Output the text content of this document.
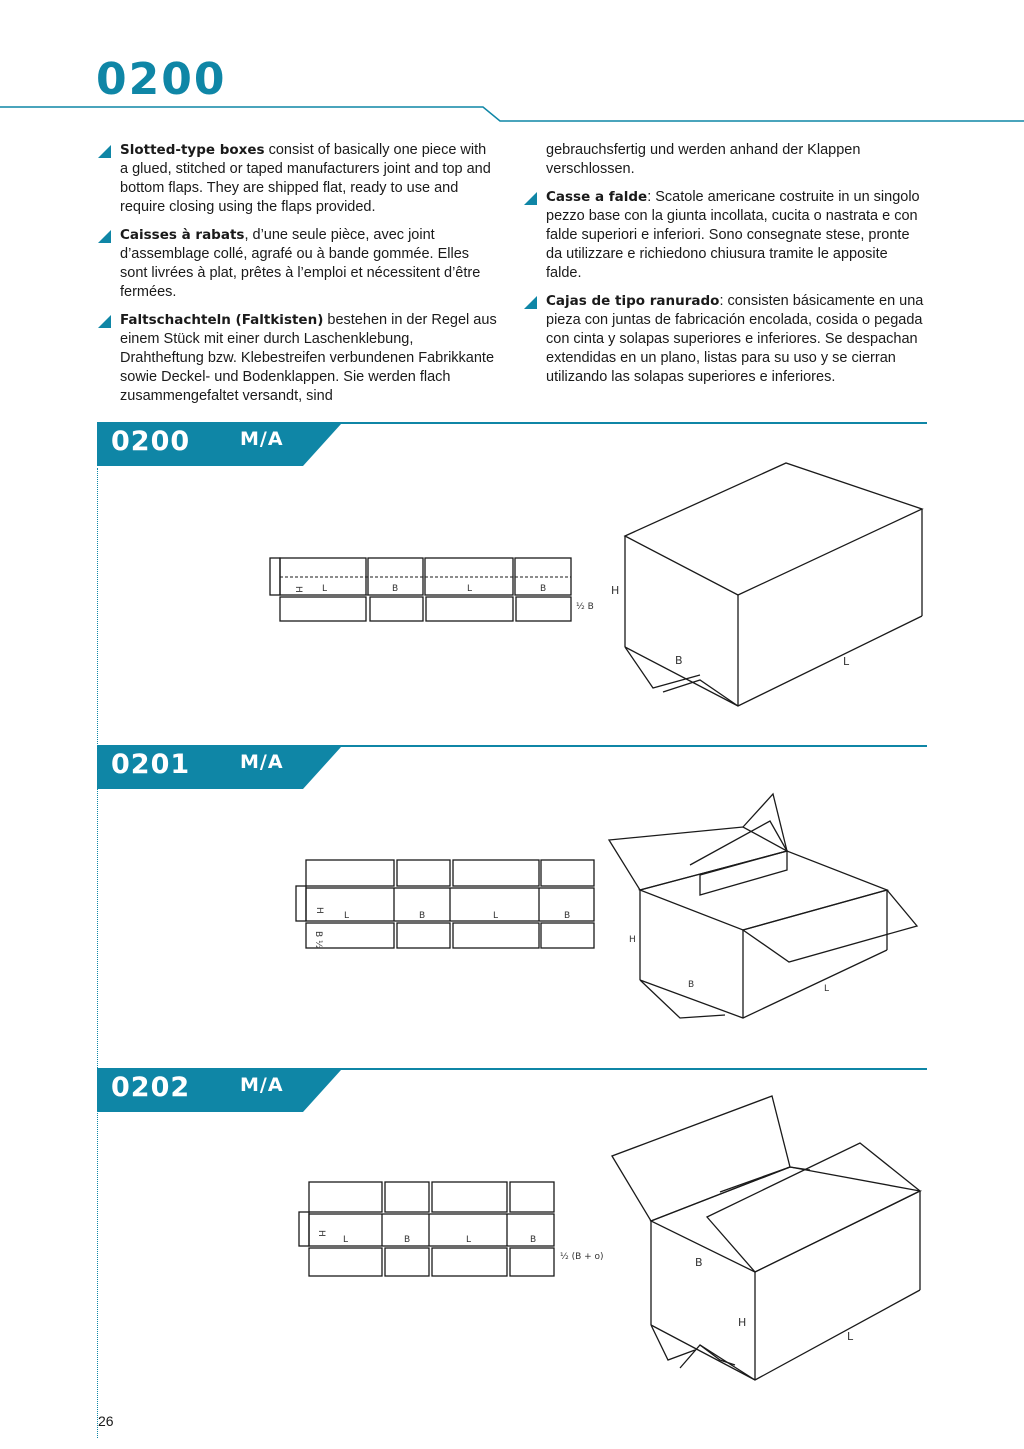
0200
Slotted-type boxes consist of basically one piece with a glued, stitched or taped manufacturers joint and top and bottom flaps. They are shipped flat, ready to use and require closing using the flaps provided.
Caisses à rabats, d’une seule pièce, avec joint d’assemblage collé, agrafé ou à bande gommée. Elles sont livrées à plat, prêtes à l’emploi et nécessitent d’être fermées.
Faltschachteln (Faltkisten) bestehen in der Regel aus einem Stück mit einer durch Laschenklebung, Drahtheftung bzw. Klebestreifen verbundenen Fabrikkante sowie Deckel- und Bodenklappen. Sie werden flach zusammengefaltet versandt, sind
gebrauchsfertig und werden anhand der Klappen verschlossen.
Casse a falde: Scatole americane costruite in un singolo pezzo base con la giunta incollata, cucita o nastrata e con falde superiori e inferiori. Sono consegnate stese, pronte da utilizzare e richiedono chiusura tramite le apposite falde.
Cajas de tipo ranurado: consisten básicamente en una pieza con juntas de fabricación encolada, cosida o pegada con cinta y solapas superiores e inferiores. Se despachan extendidas en un plano, listas para su uso y se cierran utilizando las solapas superiores e inferiores.
0200	M/A
0201	M/A
0202	M/A
H L	B	L	B
½ B
H
B	L
H
L	B	L	B
B ½	H
B	L
H
L	B	L	B
½ (B + o)	B
H
L
26
